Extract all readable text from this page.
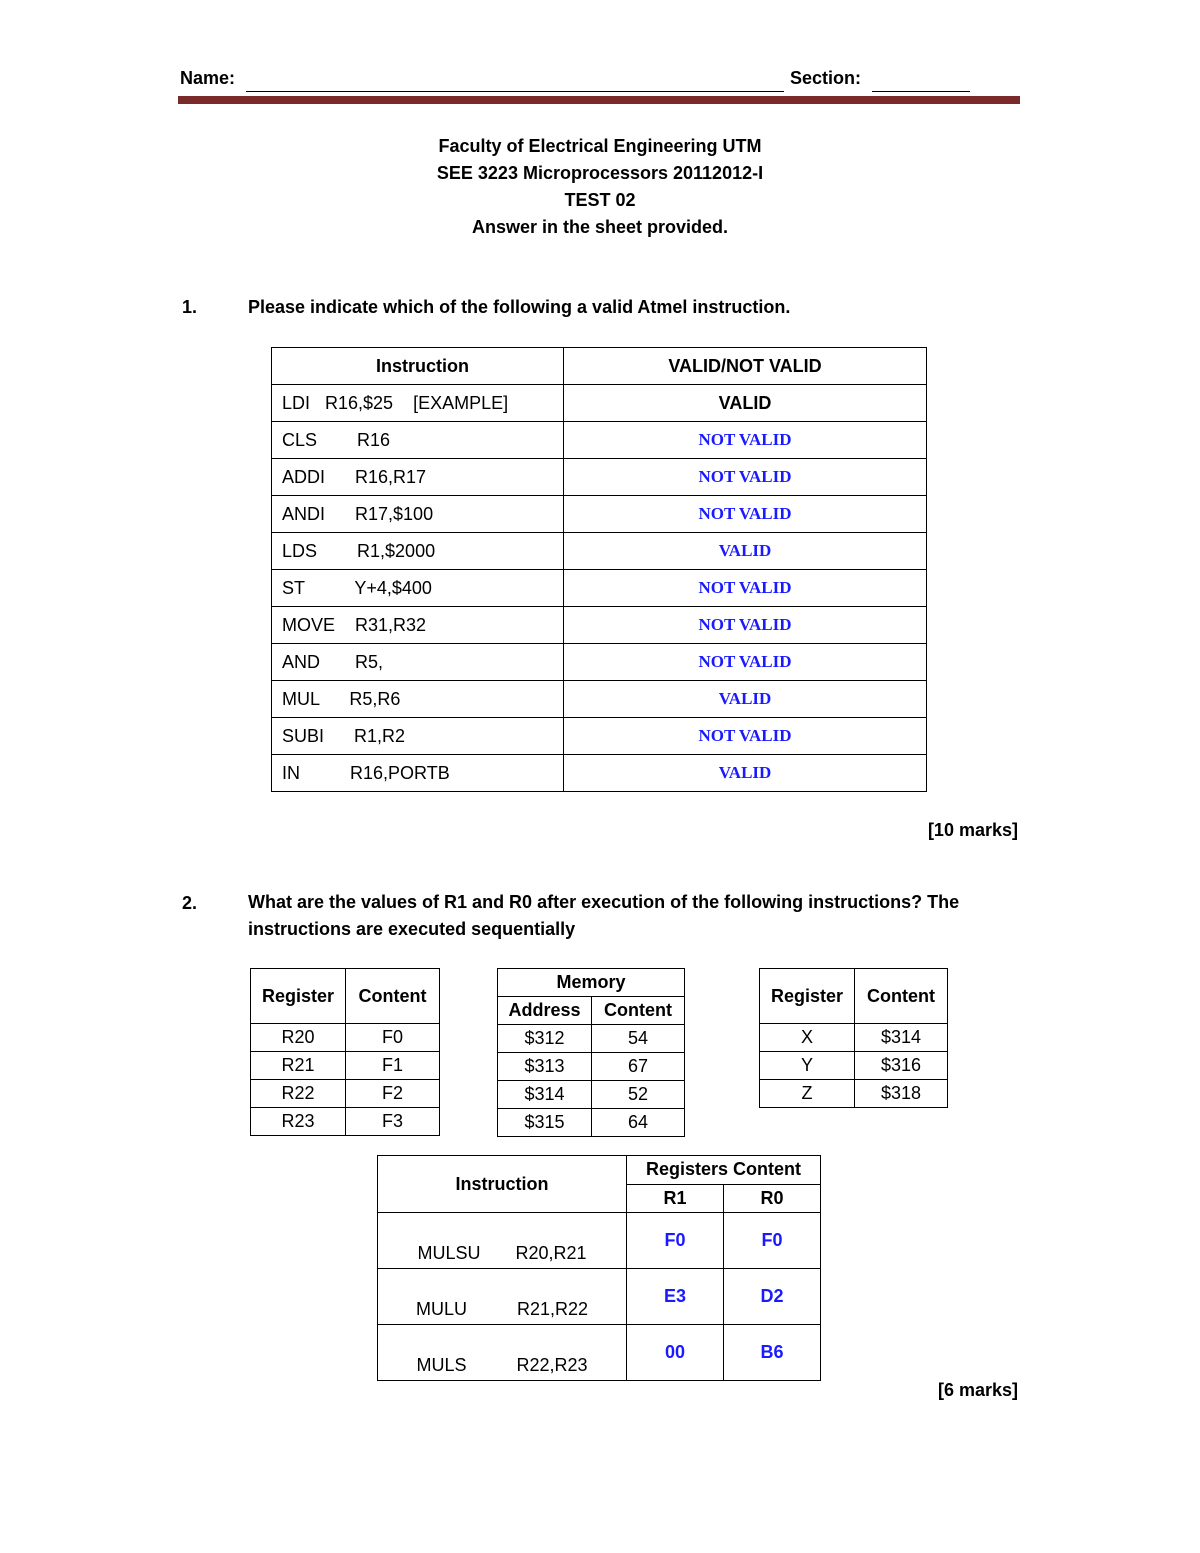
Name:	Section:
Faculty of Electrical Engineering UTM
SEE 3223 Microprocessors 20112012-I
TEST 02
Answer in the sheet provided.
1.	Please indicate which of the following a valid Atmel instruction.
Instruction	VALID/NOT VALID
LDI   R16,$25    [EXAMPLE]	VALID
CLS        R16	NOT VALID
ADDI      R16,R17	NOT VALID
ANDI      R17,$100	NOT VALID
LDS        R1,$2000	VALID
ST          Y+4,$400	NOT VALID
MOVE    R31,R32	NOT VALID
AND       R5,	NOT VALID
MUL      R5,R6	VALID
SUBI      R1,R2	NOT VALID
IN          R16,PORTB	VALID
[10 marks]
2.	What are the values of R1 and R0 after execution of the following instructions? The
instructions are executed sequentially
Register	Content
R20	F0
R21	F1
R22	F2
R23	F3
Memory	
Address	Content
$312	54
$313	67
$314	52
$315	64
Register	Content
X	$314
Y	$316
Z	$318
Instruction	Registers Content	
	R1	R0
MULSU       R20,R21	F0	F0
MULU          R21,R22	E3	D2
MULS          R22,R23	00	B6
[6 marks]
